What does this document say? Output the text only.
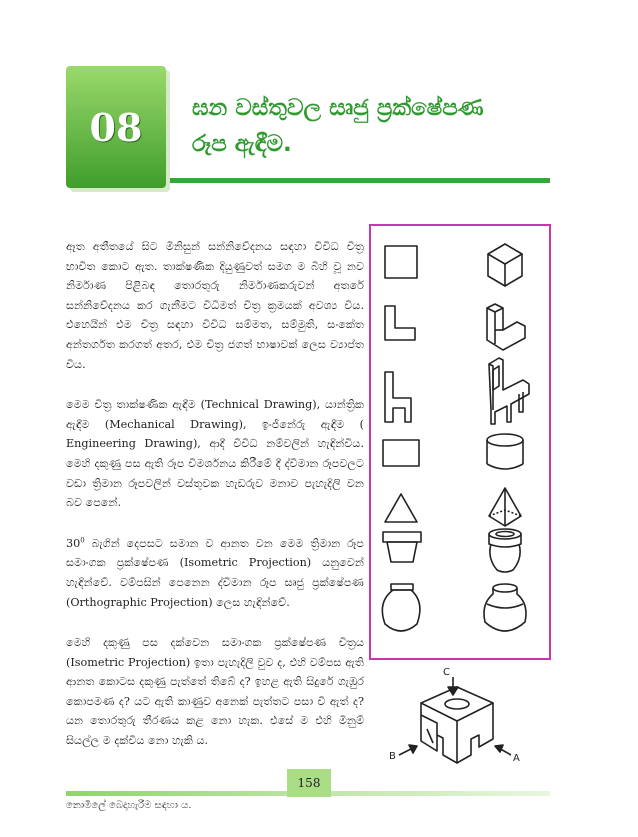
08	ඝන වස්තුවල සෘජු ප්‍රක්ෂේපණ
රූප ඇඳීම.

ඈත අතීතයේ සිට මිනිසුන් සන්නිවේදනය සඳහා විවිධ චිත්‍ර භාවිත කොට ඇත. තාක්ෂණික දියුණුවත් සමග ම බිහි වූ නව නිර්මාණ පිළිබඳ තොරතුරු නිර්මාණකරුවන් අතරේ සන්නිවේදනය කර ගැනීමට විධිමත් චිත්‍ර ක්‍රමයක් අවශ්‍ය විය. එහෙයින් එම චිත්‍ර සඳහා විවිධ සම්මත, සම්මුති, සංකේත අන්තර්ගත කරගත් අතර, එම චිත්‍ර ජගත් භාෂාවක් ලෙස ව්‍යාප්ත විය.

මෙම චිත්‍ර තාක්ෂණික ඇඳීම (Technical Drawing), යාන්ත්‍රික ඇඳීම (Mechanical Drawing), ඉංජිනේරු ඇඳීම ( Engineering Drawing), ආදී විවිධ නම්වලින් හැඳින්විය. මෙහි දකුණු පස ඇති රූප විමර්ශනය කිරීමේ දී ද්විමාන රූපවලට වඩා ත්‍රිමාන රූපවලින් වස්තුවක හැඩරුව මනාව පැහැදිලි වන බව පෙනේ.

$30^0$ බැගින් දෙපසට සමාන ව ආනත වන මෙම ත්‍රිමාන රූප සමාංගක ප්‍රක්ෂේපණ (Isometric Projection) යනුවෙන් හැඳින්වේ. වම්පසින් පෙනෙන ද්විමාන රූප සෘජු ප්‍රක්ෂේපණ (Orthographic Projection) ලෙස හැඳින්වේ.

මෙහි දකුණු පස දක්වෙන සමාංගක ප්‍රක්ෂේපණ චිත්‍රය (Isometric Projection) ඉතා පැහැදිලි වුව ද, එහි වම්පස ඇති ආනත කොටස දකුණු පැත්තේ තිබේ ද? ඉහළ ඇති සිදුරේ ගැඹුර කොපමණ ද? යට ඇති කාණුව අනෙක් පැත්තට පසා වී ඇත් ද? යන තොරතුරු තීරණය කළ නො හැක. එසේ ම එහි මිනුම් සියල්ල ම දක්විය නො හැකි ය.

C
B	A
158
නොමිලේ බෙදාහැරීම සඳහා ය.
